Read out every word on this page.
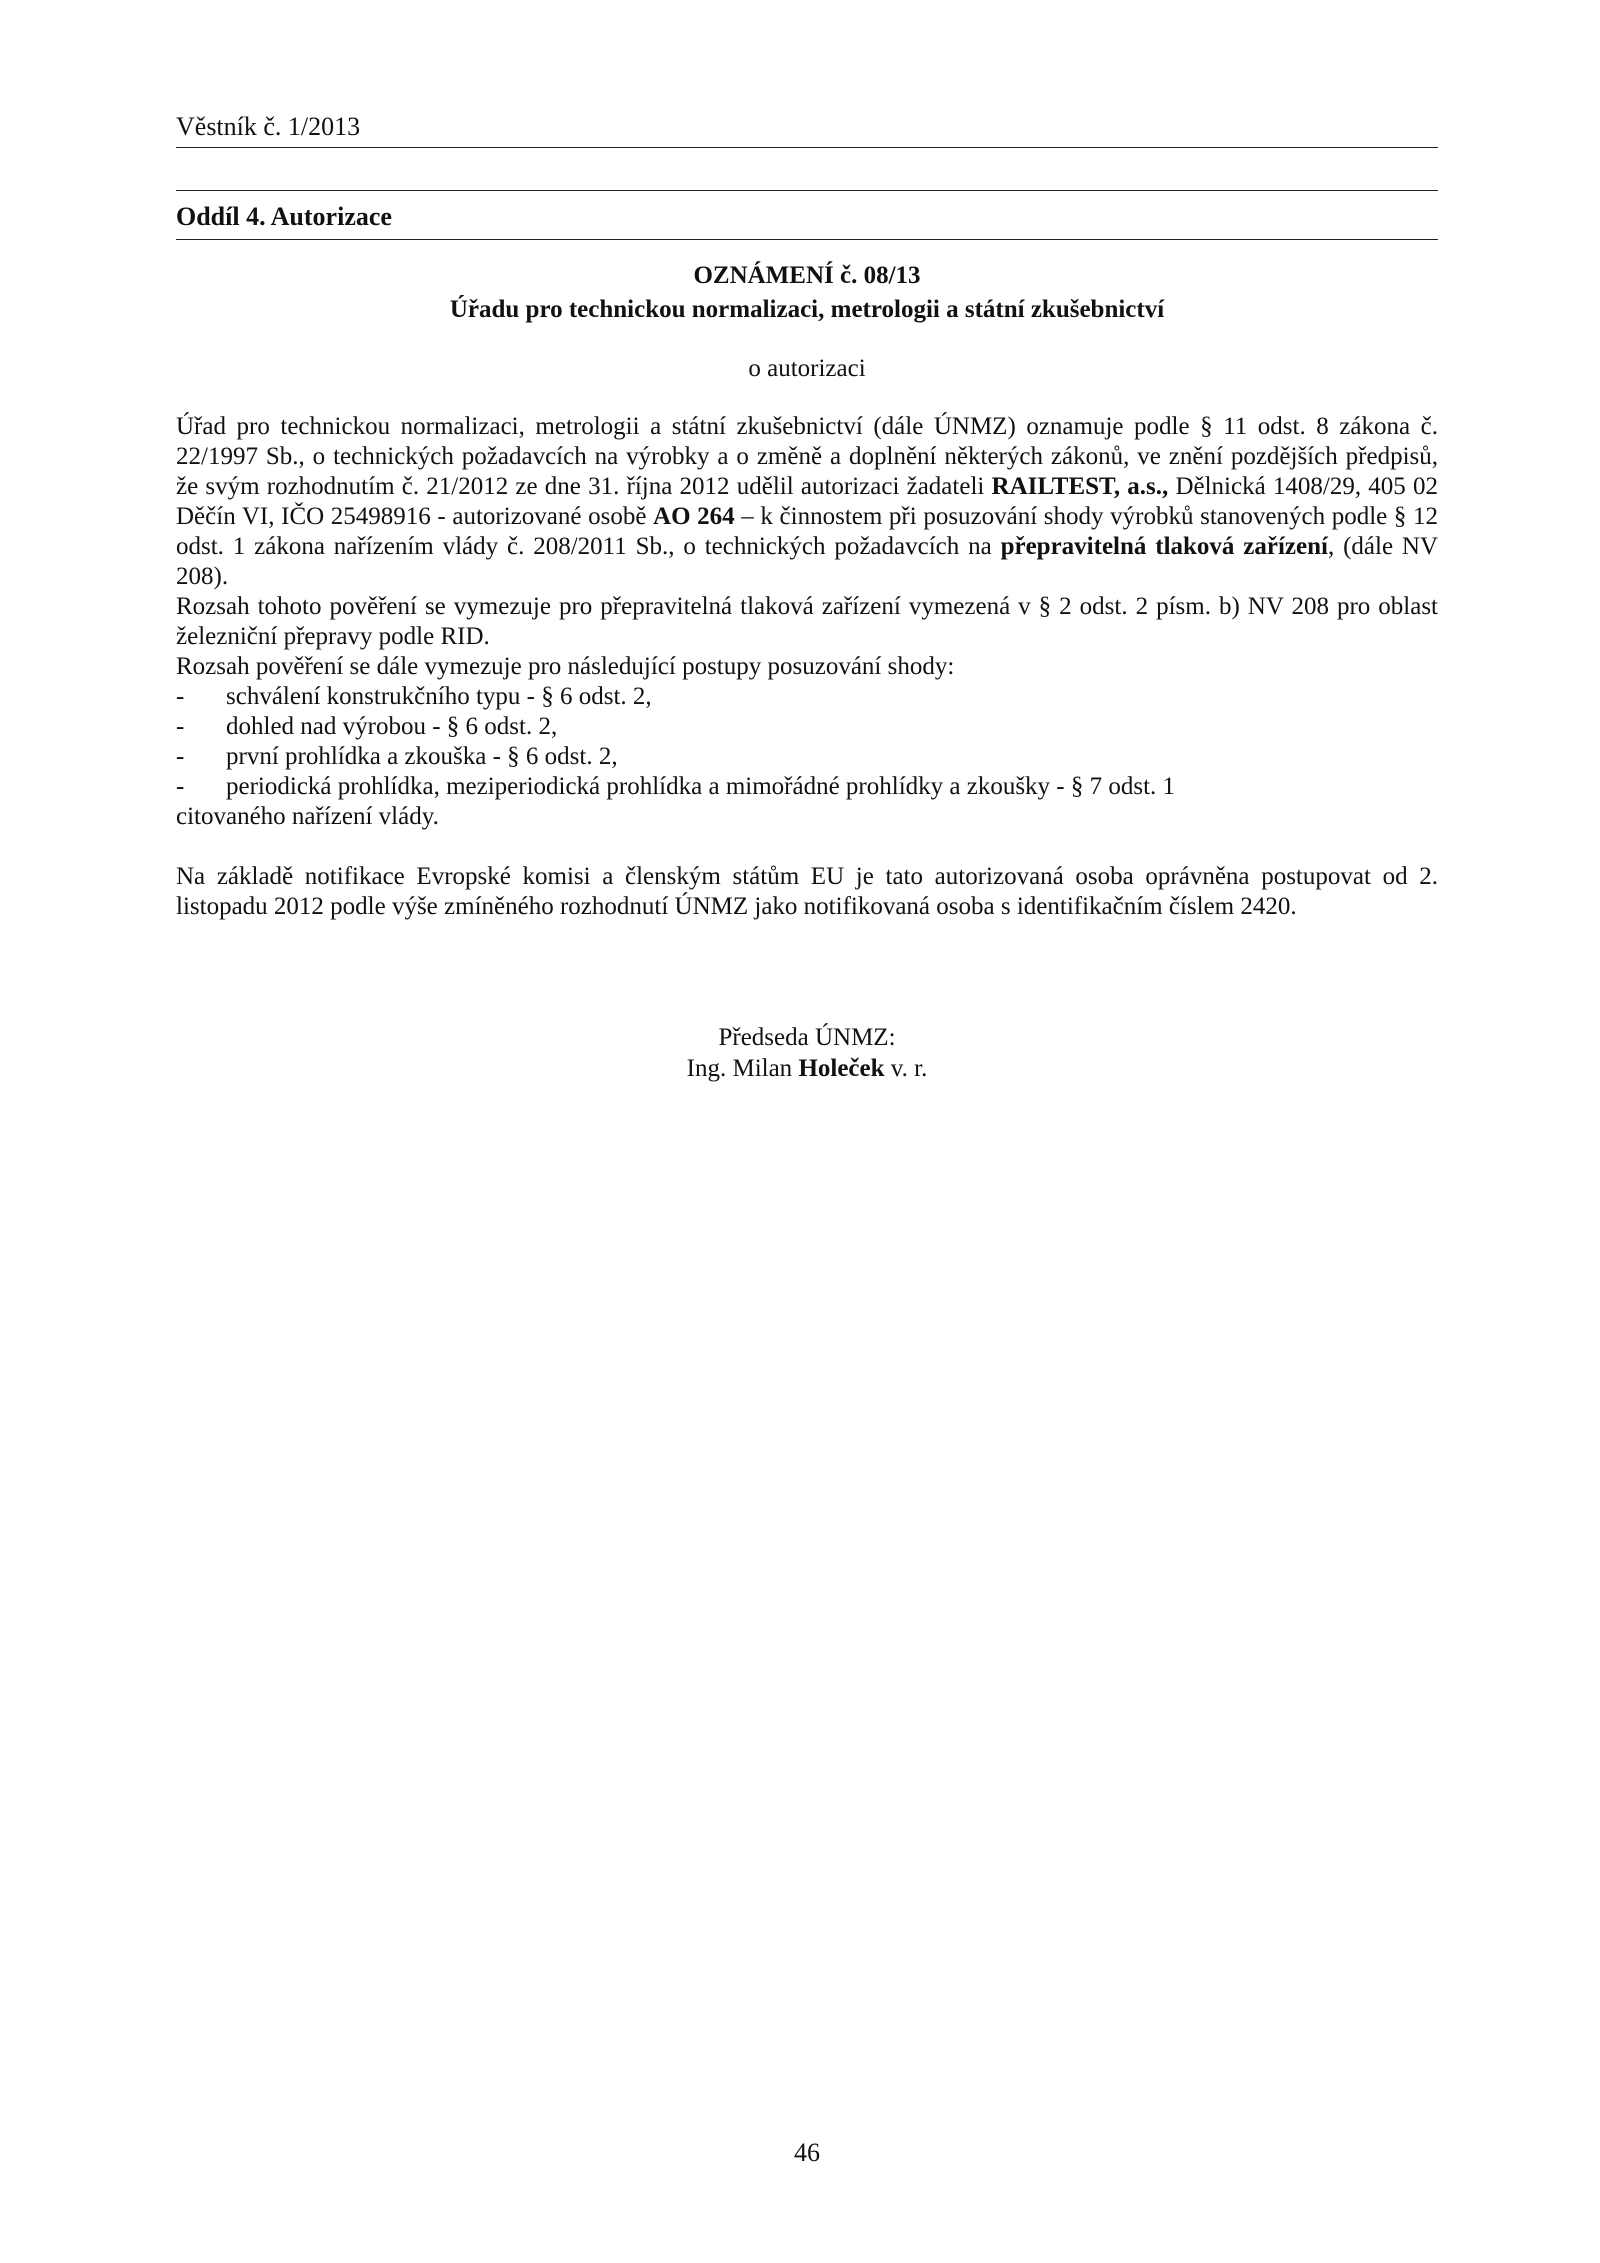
Věstník č. 1/2013
Oddíl 4. Autorizace
OZNÁMENÍ č. 08/13
Úřadu pro technickou normalizaci, metrologii a státní zkušebnictví
o autorizaci

Úřad pro technickou normalizaci, metrologii a státní zkušebnictví (dále ÚNMZ) oznamuje podle § 11 odst. 8 zákona č. 22/1997 Sb., o technických požadavcích na výrobky a o změně a doplnění některých zákonů, ve znění pozdějších předpisů, že svým rozhodnutím č. 21/2012 ze dne 31. října 2012 udělil autorizaci žadateli RAILTEST, a.s., Dělnická 1408/29, 405 02 Děčín VI, IČO 25498916 - autorizované osobě AO 264 – k činnostem při posuzování shody výrobků stanovených podle § 12 odst. 1 zákona nařízením vlády č. 208/2011 Sb., o technických požadavcích na přepravitelná tlaková zařízení, (dále NV 208).

Rozsah tohoto pověření se vymezuje pro přepravitelná tlaková zařízení vymezená v § 2 odst. 2 písm. b) NV 208 pro oblast železniční přepravy podle RID.

Rozsah pověření se dále vymezuje pro následující postupy posuzování shody:

-	schválení konstrukčního typu - § 6 odst. 2,
-	dohled nad výrobou - § 6 odst. 2,
-	první prohlídka a zkouška - § 6 odst. 2,
-	periodická prohlídka, meziperiodická prohlídka a mimořádné prohlídky a zkoušky - § 7 odst. 1

citovaného nařízení vlády.

Na základě notifikace Evropské komisi a členským státům EU je tato autorizovaná osoba oprávněna postupovat od 2. listopadu 2012 podle výše zmíněného rozhodnutí ÚNMZ jako notifikovaná osoba s identifikačním číslem 2420.

Předseda ÚNMZ:
Ing. Milan Holeček v. r.
46
